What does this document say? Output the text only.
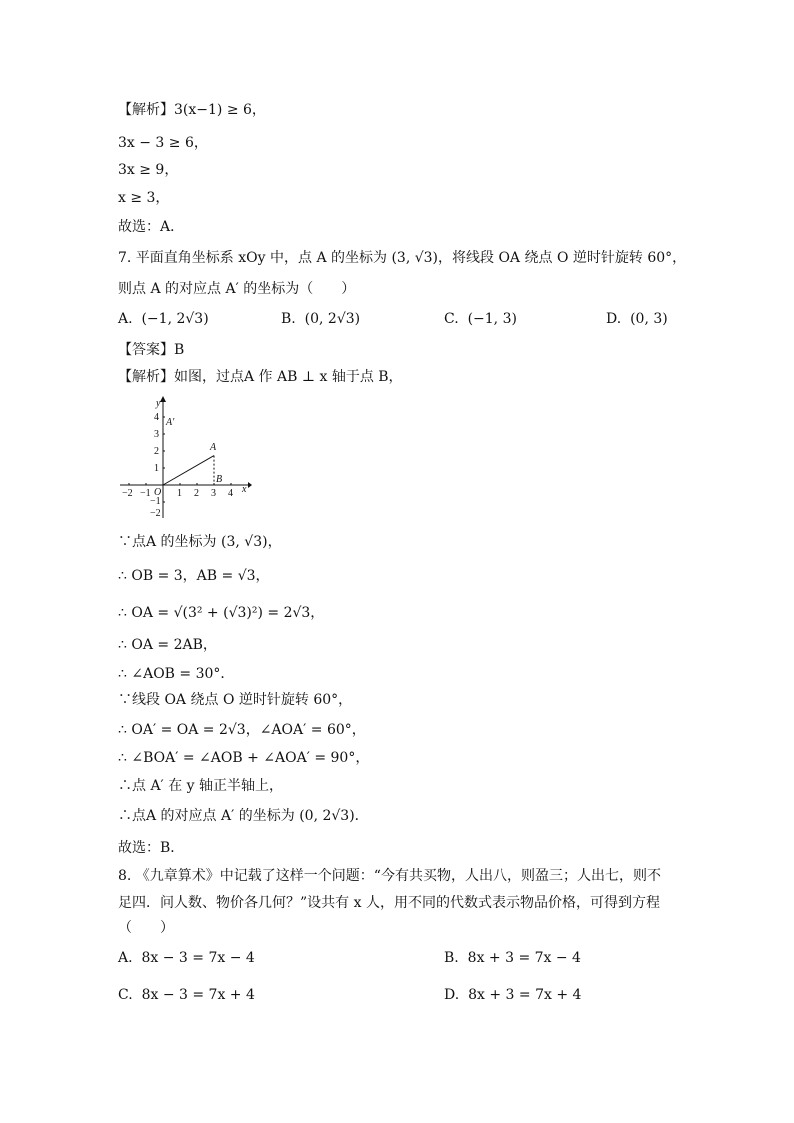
【解析】3(x−1) ≥ 6，
3x − 3 ≥ 6，
3x ≥ 9，
x ≥ 3，
故选：A．
7. 平面直角坐标系 xOy 中，点 A 的坐标为 (3, √3)，将线段 OA 绕点 O 逆时针旋转 60°，
则点 A 的对应点 A′ 的坐标为（　　）
A. (−1, 2√3)	B. (0, 2√3)	C. (−1, 3)	D. (0, 3)
【答案】B
【解析】如图，过点A 作 AB ⊥ x 轴于点 B，
−2 −1	1 2 3 4
4
3
2
1
−1
−2
O
A
A′
B
x
y
∵点A 的坐标为 (3, √3)，
∴ OB = 3，AB = √3，
∴ OA = √(3² + (√3)²) = 2√3，
∴ OA = 2AB，
∴ ∠AOB = 30°．
∵线段 OA 绕点 O 逆时针旋转 60°，
∴ OA′ = OA = 2√3，∠AOA′ = 60°，
∴ ∠BOA′ = ∠AOB + ∠AOA′ = 90°，
∴点 A′ 在 y 轴正半轴上，
∴点A 的对应点 A′ 的坐标为 (0, 2√3)．
故选：B．
8. 《九章算术》中记载了这样一个问题：“今有共买物，人出八，则盈三；人出七，则不
足四．问人数、物价各几何？”设共有 x 人，用不同的代数式表示物品价格，可得到方程
（　　）
A. 8x − 3 = 7x − 4	B. 8x + 3 = 7x − 4
C. 8x − 3 = 7x + 4	D. 8x + 3 = 7x + 4
